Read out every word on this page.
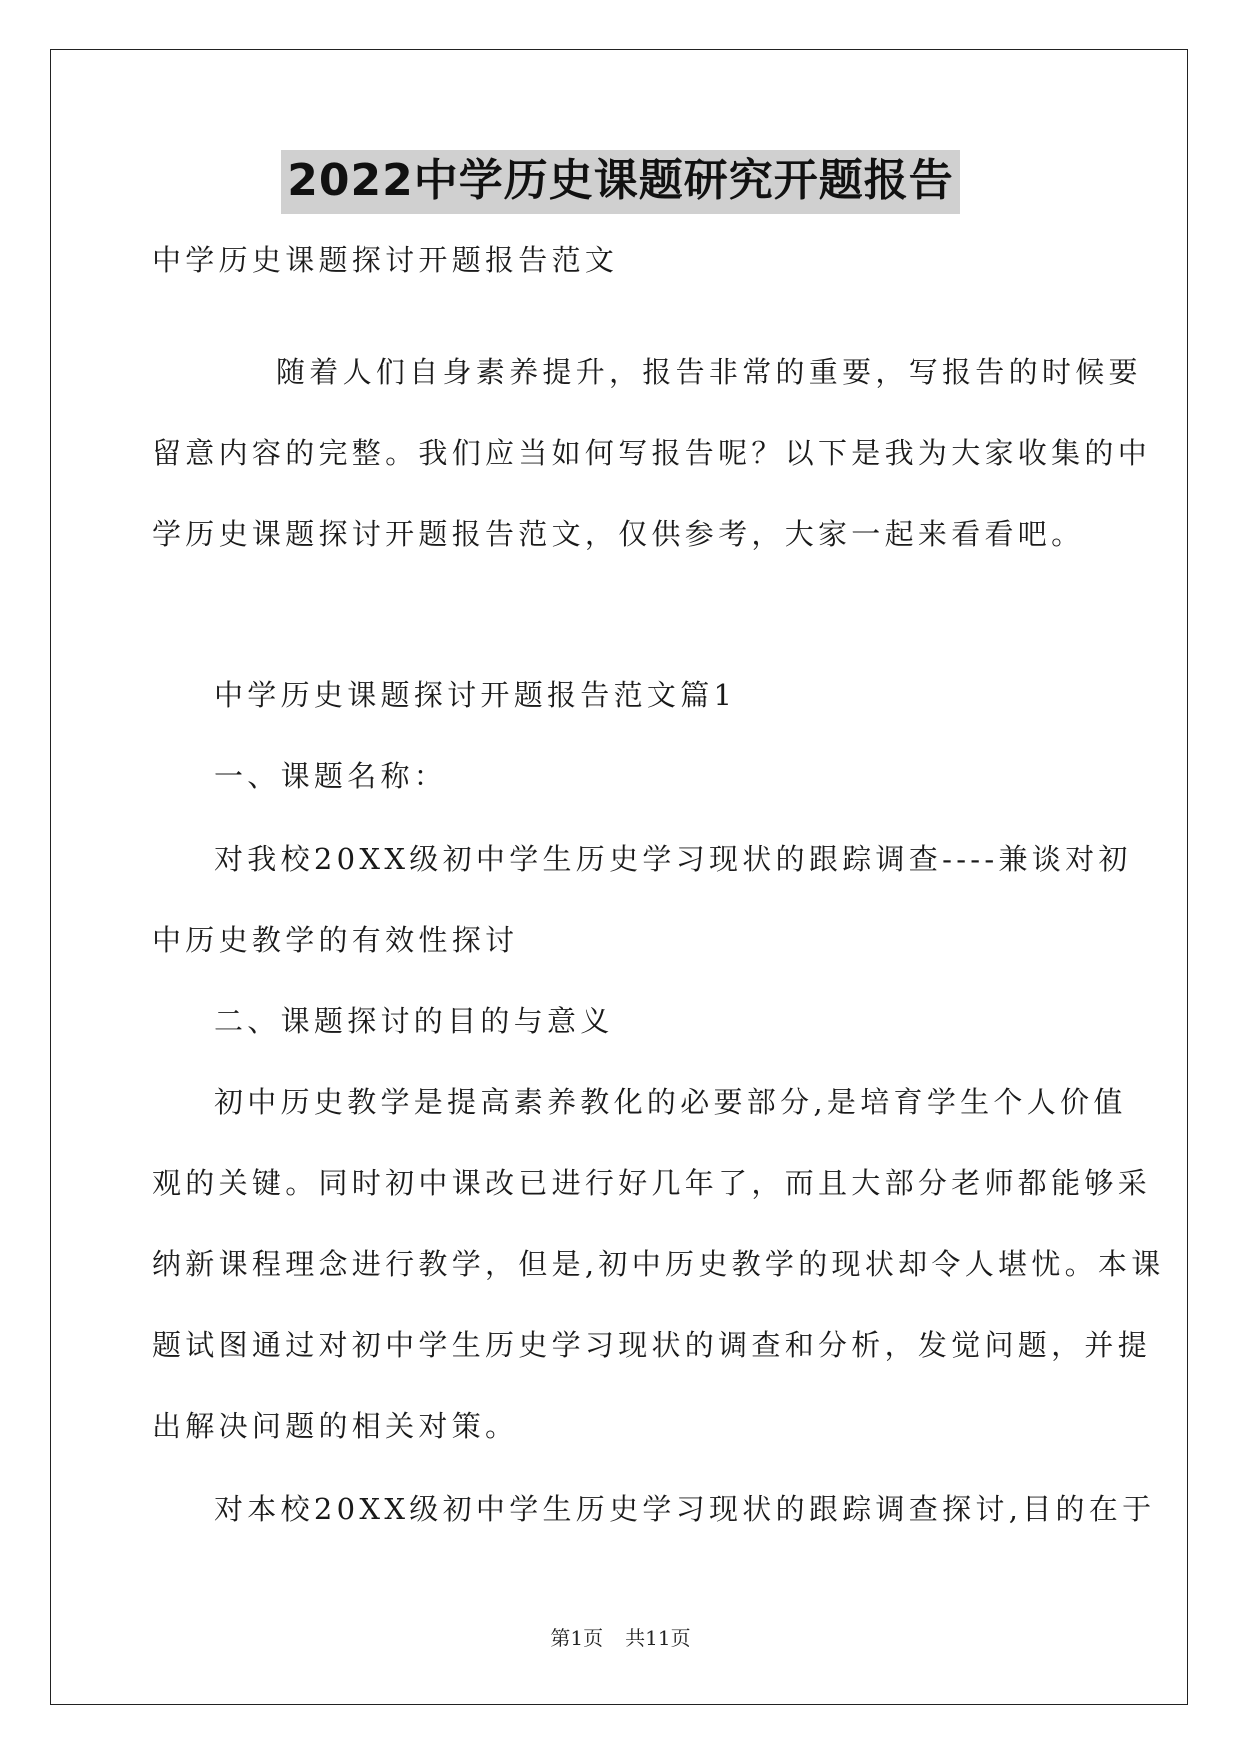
2022中学历史课题研究开题报告
中学历史课题探讨开题报告范文
随着人们自身素养提升，报告非常的重要，写报告的时候要
留意内容的完整。我们应当如何写报告呢？以下是我为大家收集的中
学历史课题探讨开题报告范文，仅供参考，大家一起来看看吧。
中学历史课题探讨开题报告范文篇1
一、课题名称：
对我校20XX级初中学生历史学习现状的跟踪调查----兼谈对初
中历史教学的有效性探讨
二、课题探讨的目的与意义
初中历史教学是提高素养教化的必要部分,是培育学生个人价值
观的关键。同时初中课改已进行好几年了，而且大部分老师都能够采
纳新课程理念进行教学，但是,初中历史教学的现状却令人堪忧。本课
题试图通过对初中学生历史学习现状的调查和分析，发觉问题，并提
出解决问题的相关对策。
对本校20XX级初中学生历史学习现状的跟踪调查探讨,目的在于
第1页 共11页
